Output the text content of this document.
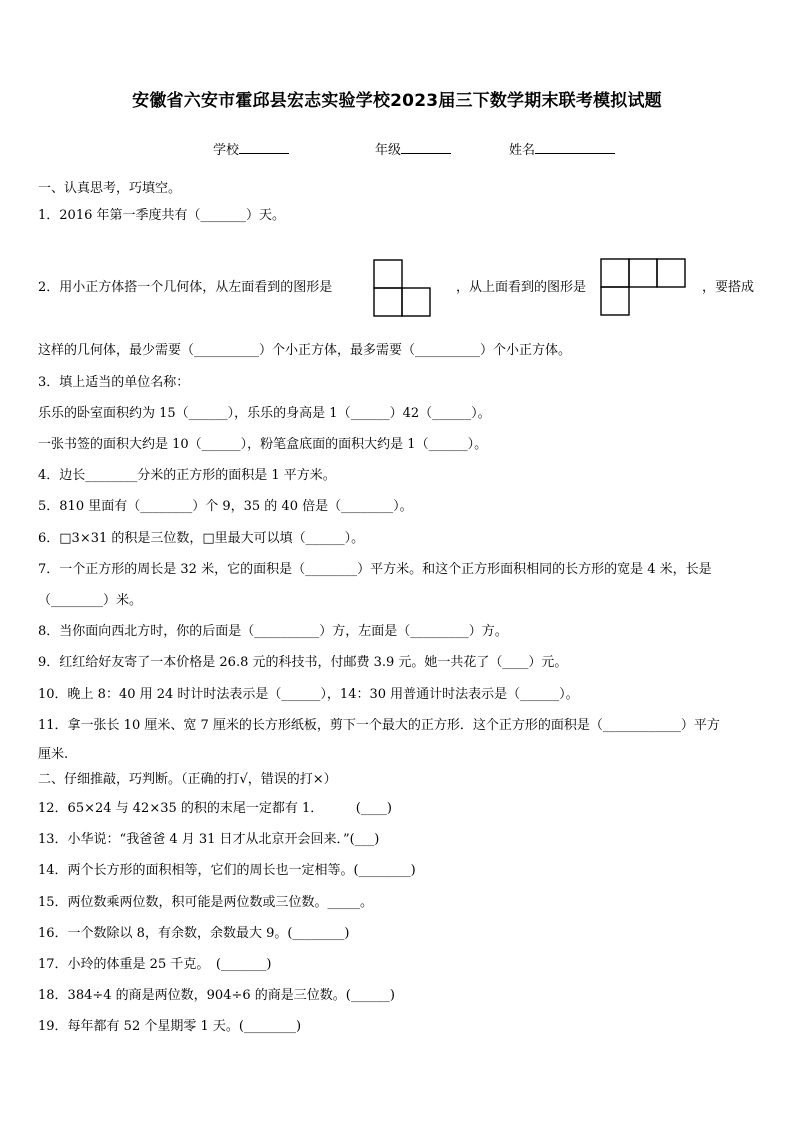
安徽省六安市霍邱县宏志实验学校2023届三下数学期末联考模拟试题
学校	年级	姓名
一、认真思考，巧填空。
1．2016 年第一季度共有（_______）天。
2．用小正方体搭一个几何体，从左面看到的图形是	，从上面看到的图形是	，要搭成
这样的几何体，最少需要（__________）个小正方体，最多需要（__________）个小正方体。
3．填上适当的单位名称：
乐乐的卧室面积约为 15（______），乐乐的身高是 1（______）42（______）。
一张书签的面积大约是 10（______），粉笔盒底面的面积大约是 1（______）。
4．边长________分米的正方形的面积是 1 平方米。
5．810 里面有（________）个 9，35 的 40 倍是（________）。
6．□3×31 的积是三位数，□里最大可以填（______）。
7．一个正方形的周长是 32 米，它的面积是（________）平方米。和这个正方形面积相同的长方形的宽是 4 米，长是
（________）米。
8．当你面向西北方时，你的后面是（__________）方，左面是（_________）方。
9．红红给好友寄了一本价格是 26.8 元的科技书，付邮费 3.9 元。她一共花了（____）元。
10．晚上 8：40 用 24 时计时法表示是（______），14：30 用普通计时法表示是（______）。
11．拿一张长 10 厘米、宽 7 厘米的长方形纸板，剪下一个最大的正方形．这个正方形的面积是（____________）平方
厘米.
二、仔细推敲，巧判断。（正确的打√，错误的打×）
12．65×24 与 42×35 的积的末尾一定都有 1．　　　(____)
13．小华说：“我爸爸 4 月 31 日才从北京开会回来．”(___)
14．两个长方形的面积相等，它们的周长也一定相等。(________)
15．两位数乘两位数，积可能是两位数或三位数。_____。
16．一个数除以 8，有余数，余数最大 9。(________)
17．小玲的体重是 25 千克。　(_______)
18．384÷4 的商是两位数，904÷6 的商是三位数。(______)
19．每年都有 52 个星期零 1 天。(________)
